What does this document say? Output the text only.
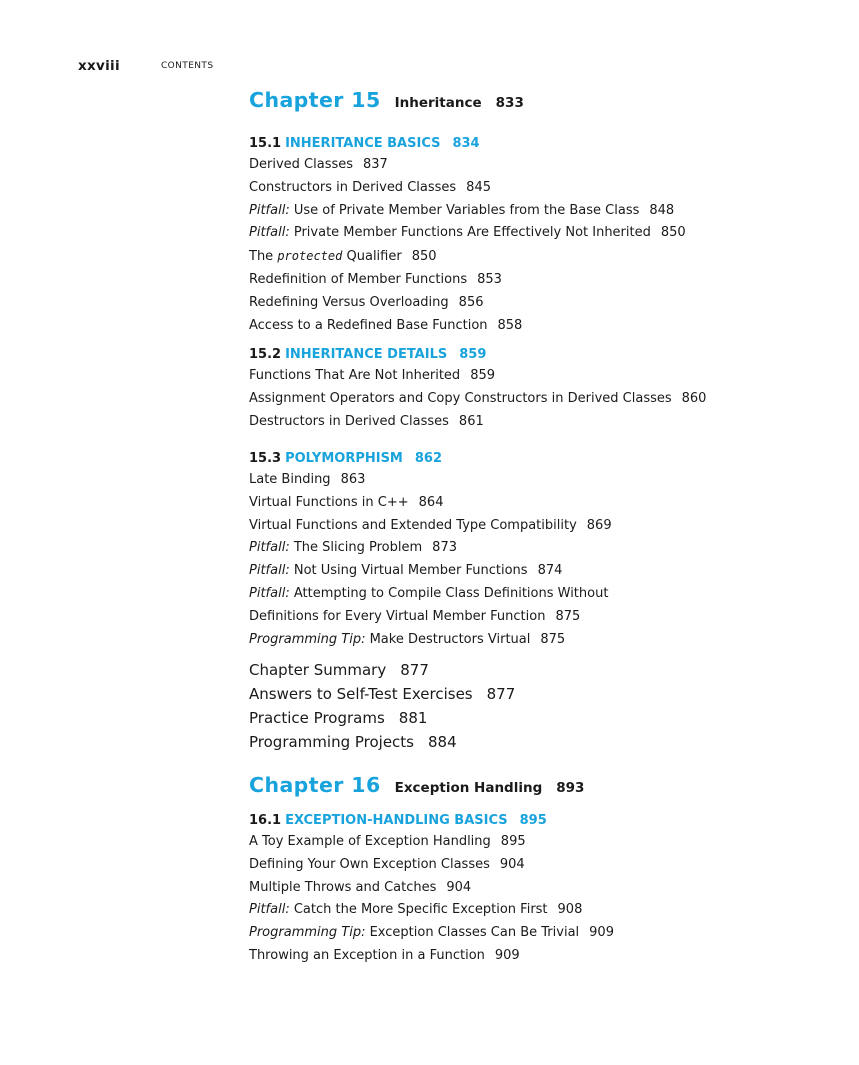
xxviii	CONTENTS
Chapter 15 Inheritance 833
15.1 INHERITANCE BASICS 834
Derived Classes 837
Constructors in Derived Classes 845
Pitfall: Use of Private Member Variables from the Base Class 848
Pitfall: Private Member Functions Are Effectively Not Inherited 850
The protected Qualifier 850
Redefinition of Member Functions 853
Redefining Versus Overloading 856
Access to a Redefined Base Function 858
15.2 INHERITANCE DETAILS 859
Functions That Are Not Inherited 859
Assignment Operators and Copy Constructors in Derived Classes 860
Destructors in Derived Classes 861
15.3 POLYMORPHISM 862
Late Binding 863
Virtual Functions in C++ 864
Virtual Functions and Extended Type Compatibility 869
Pitfall: The Slicing Problem 873
Pitfall: Not Using Virtual Member Functions 874
Pitfall: Attempting to Compile Class Definitions Without
Definitions for Every Virtual Member Function 875
Programming Tip: Make Destructors Virtual 875
Chapter Summary 877
Answers to Self-Test Exercises 877
Practice Programs 881
Programming Projects 884
Chapter 16 Exception Handling 893
16.1 EXCEPTION-HANDLING BASICS 895
A Toy Example of Exception Handling 895
Defining Your Own Exception Classes 904
Multiple Throws and Catches 904
Pitfall: Catch the More Specific Exception First 908
Programming Tip: Exception Classes Can Be Trivial 909
Throwing an Exception in a Function 909
